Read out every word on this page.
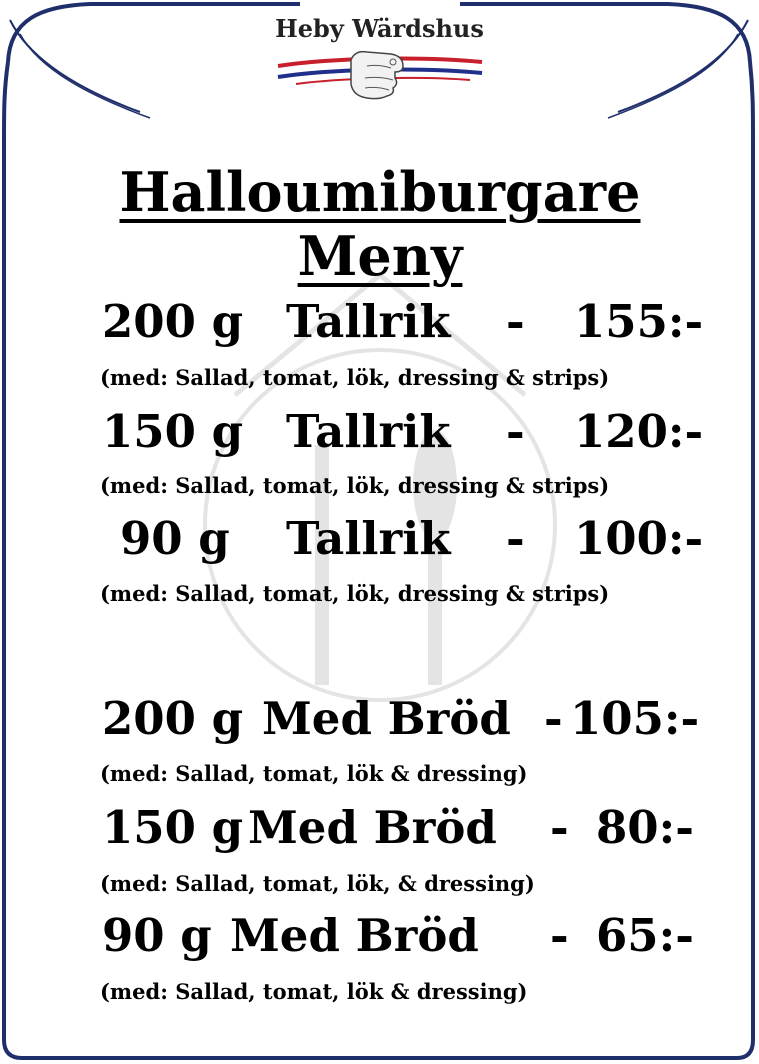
Heby Wärdshus
Halloumiburgare Meny
200 g Tallrik - 155:-
(med: Sallad, tomat, lök, dressing & strips)
150 g Tallrik - 120:-
(med: Sallad, tomat, lök, dressing & strips)
90 g Tallrik - 100:-
(med: Sallad, tomat, lök, dressing & strips)
200 g Med Bröd - 105:-
(med: Sallad, tomat, lök & dressing)
150 g Med Bröd - 80:-
(med: Sallad, tomat, lök, & dressing)
90 g Med Bröd - 65:-
(med: Sallad, tomat, lök & dressing)
